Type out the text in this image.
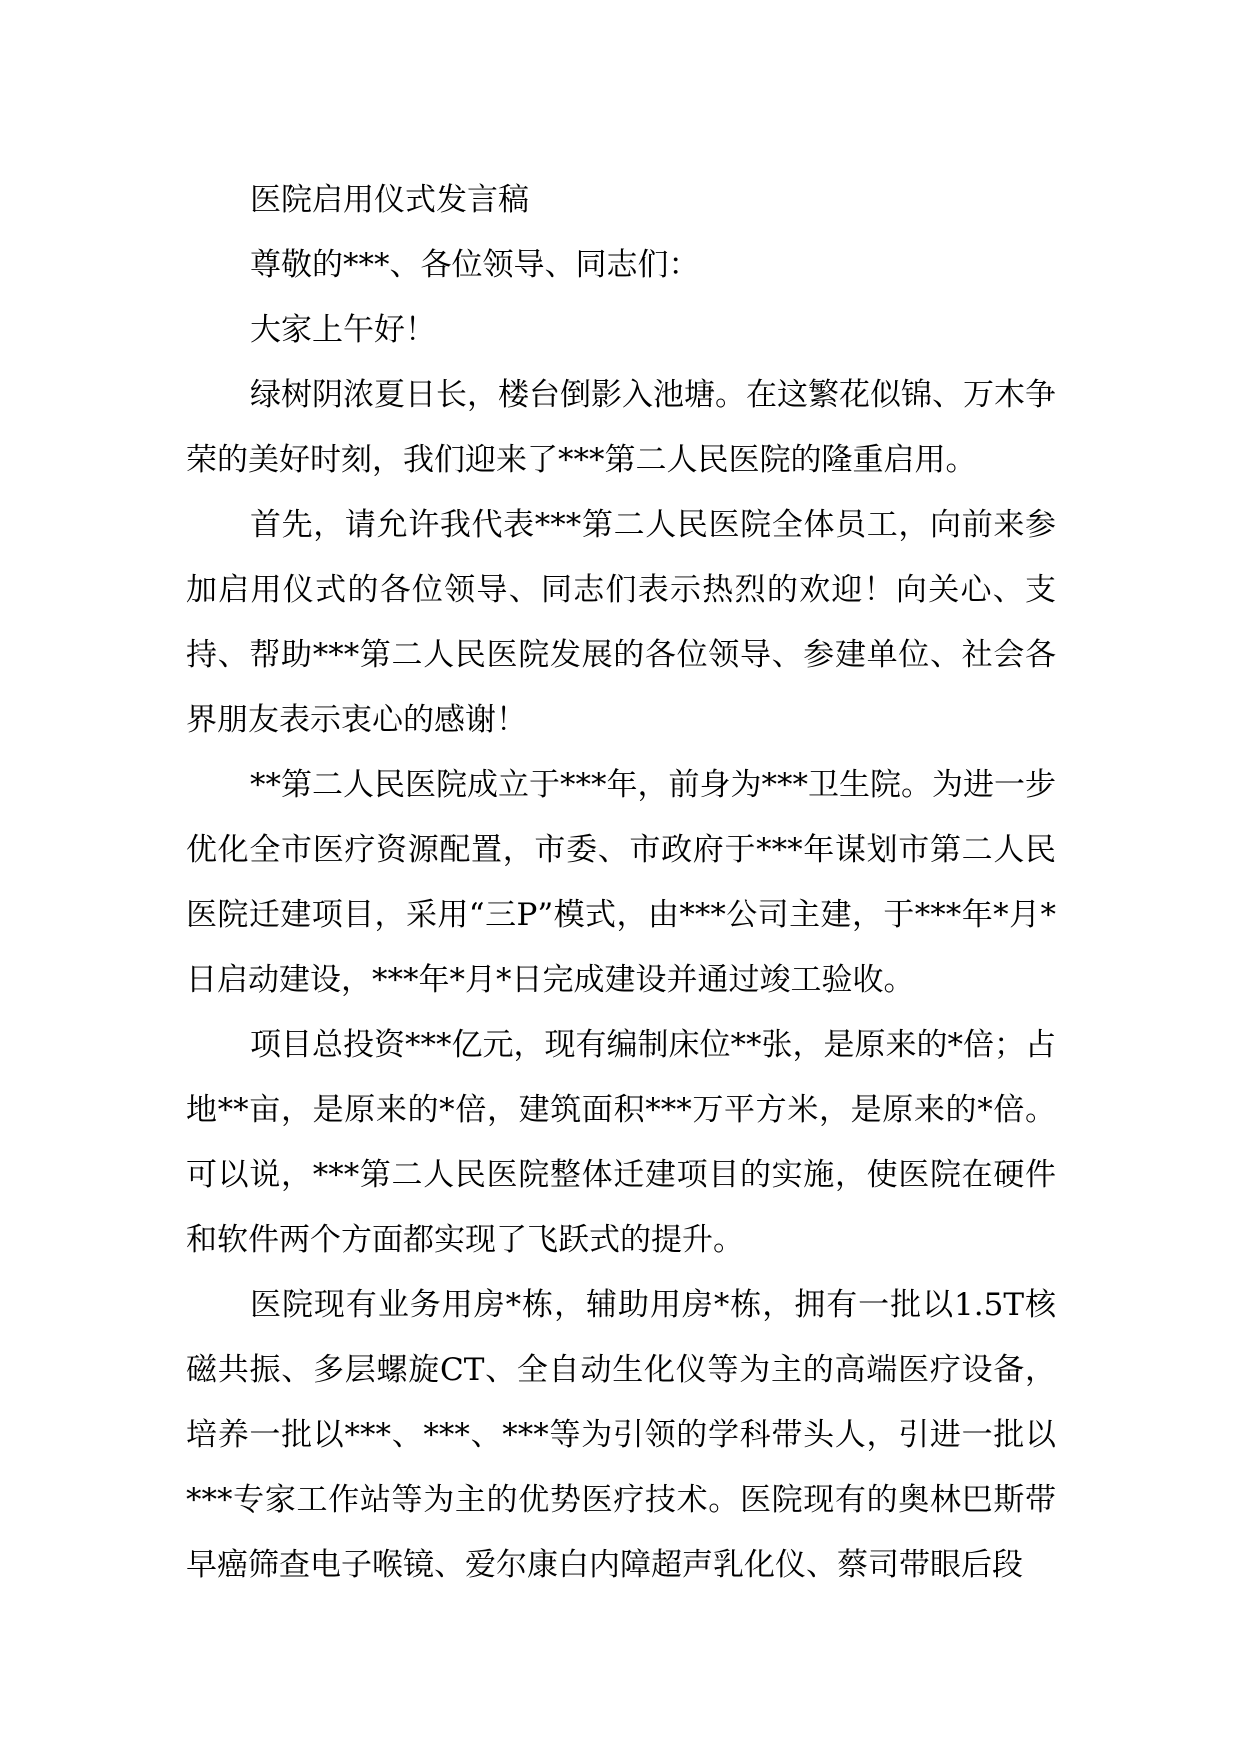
医院启用仪式发言稿

尊敬的***、各位领导、同志们：

大家上午好！

绿树阴浓夏日长，楼台倒影入池塘。在这繁花似锦、万木争荣的美好时刻，我们迎来了***第二人民医院的隆重启用。

首先，请允许我代表***第二人民医院全体员工，向前来参加启用仪式的各位领导、同志们表示热烈的欢迎！向关心、支持、帮助***第二人民医院发展的各位领导、参建单位、社会各界朋友表示衷心的感谢！

**第二人民医院成立于***年，前身为***卫生院。为进一步优化全市医疗资源配置，市委、市政府于***年谋划市第二人民医院迁建项目，采用“三P”模式，由***公司主建，于***年*月*日启动建设，***年*月*日完成建设并通过竣工验收。

项目总投资***亿元，现有编制床位**张，是原来的*倍；占地**亩，是原来的*倍，建筑面积***万平方米，是原来的*倍。可以说，***第二人民医院整体迁建项目的实施，使医院在硬件和软件两个方面都实现了飞跃式的提升。

医院现有业务用房*栋，辅助用房*栋，拥有一批以1.5T核磁共振、多层螺旋CT、全自动生化仪等为主的高端医疗设备，培养一批以***、***、***等为引领的学科带头人，引进一批以***专家工作站等为主的优势医疗技术。医院现有的奥林巴斯带早癌筛查电子喉镜、爱尔康白内障超声乳化仪、蔡司带眼后段
